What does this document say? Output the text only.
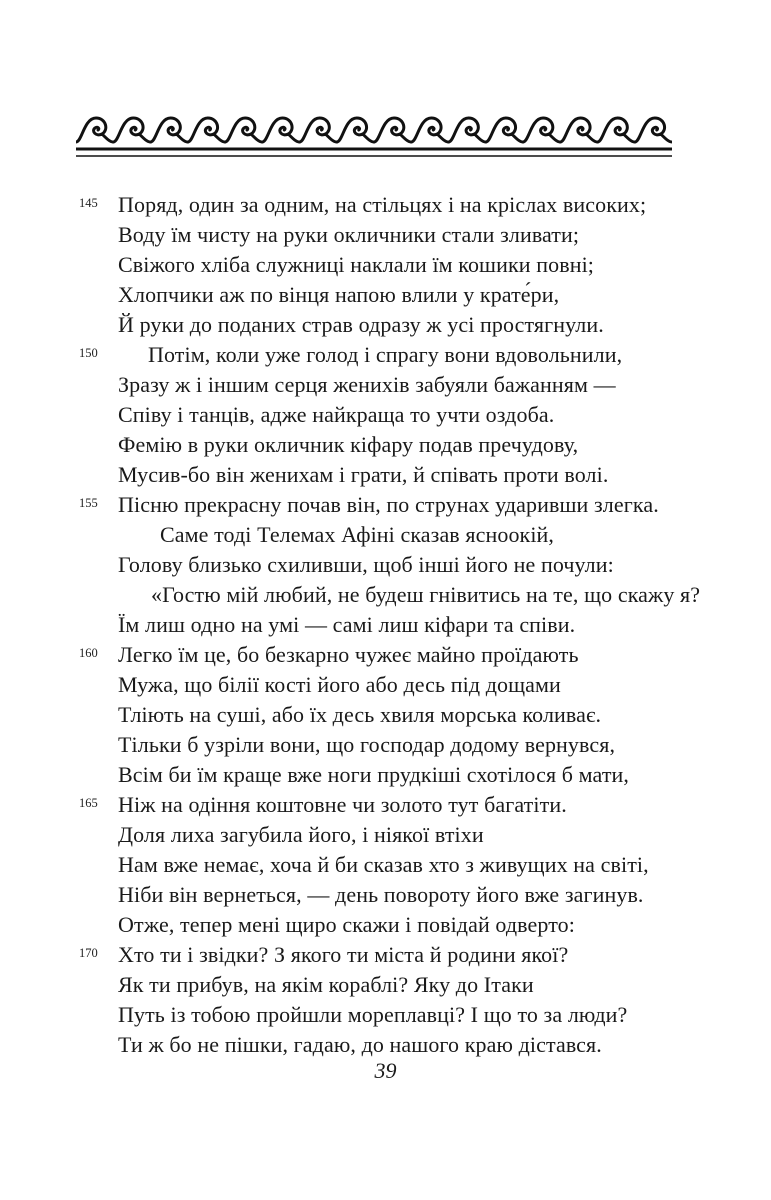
145 Поряд, один за одним, на стільцях і на кріслах високих;
Воду їм чисту на руки окличники стали зливати;
Свіжого хліба служниці наклали їм кошики повні;
Хлопчики аж по вінця напою влили у крате́ри,
Й руки до поданих страв одразу ж усі простягнули.
150 Потім, коли уже голод і спрагу вони вдовольнили,
Зразу ж і іншим серця женихів забуяли бажанням —
Співу і танців, адже найкраща то учти оздоба.
Фемію в руки окличник кіфару подав пречудову,
Мусив-бо він женихам і грати, й співать проти волі.
155 Пісню прекрасну почав він, по струнах ударивши злегка.
Саме тоді Телемах Афіні сказав ясноокій,
Голову близько схиливши, щоб інші його не почули:
«Гостю мій любий, не будеш гнівитись на те, що скажу я?
Їм лиш одно на умі — самі лиш кіфари та співи.
160 Легко їм це, бо безкарно чужеє майно проїдають
Мужа, що білії кості його або десь під дощами
Тліють на суші, або їх десь хвиля морська коливає.
Тільки б узріли вони, що господар додому вернувся,
Всім би їм краще вже ноги прудкіші схотілося б мати,
165 Ніж на одіння коштовне чи золото тут багатіти.
Доля лиха загубила його, і ніякої втіхи
Нам вже немає, хоча й би сказав хто з живущих на світі,
Ніби він вернеться, — день повороту його вже загинув.
Отже, тепер мені щиро скажи і повідай одверто:
170 Хто ти і звідки? З якого ти міста й родини якої?
Як ти прибув, на якім кораблі? Яку до Ітаки
Путь із тобою пройшли мореплавці? І що то за люди?
Ти ж бо не пішки, гадаю, до нашого краю дістався.
39
